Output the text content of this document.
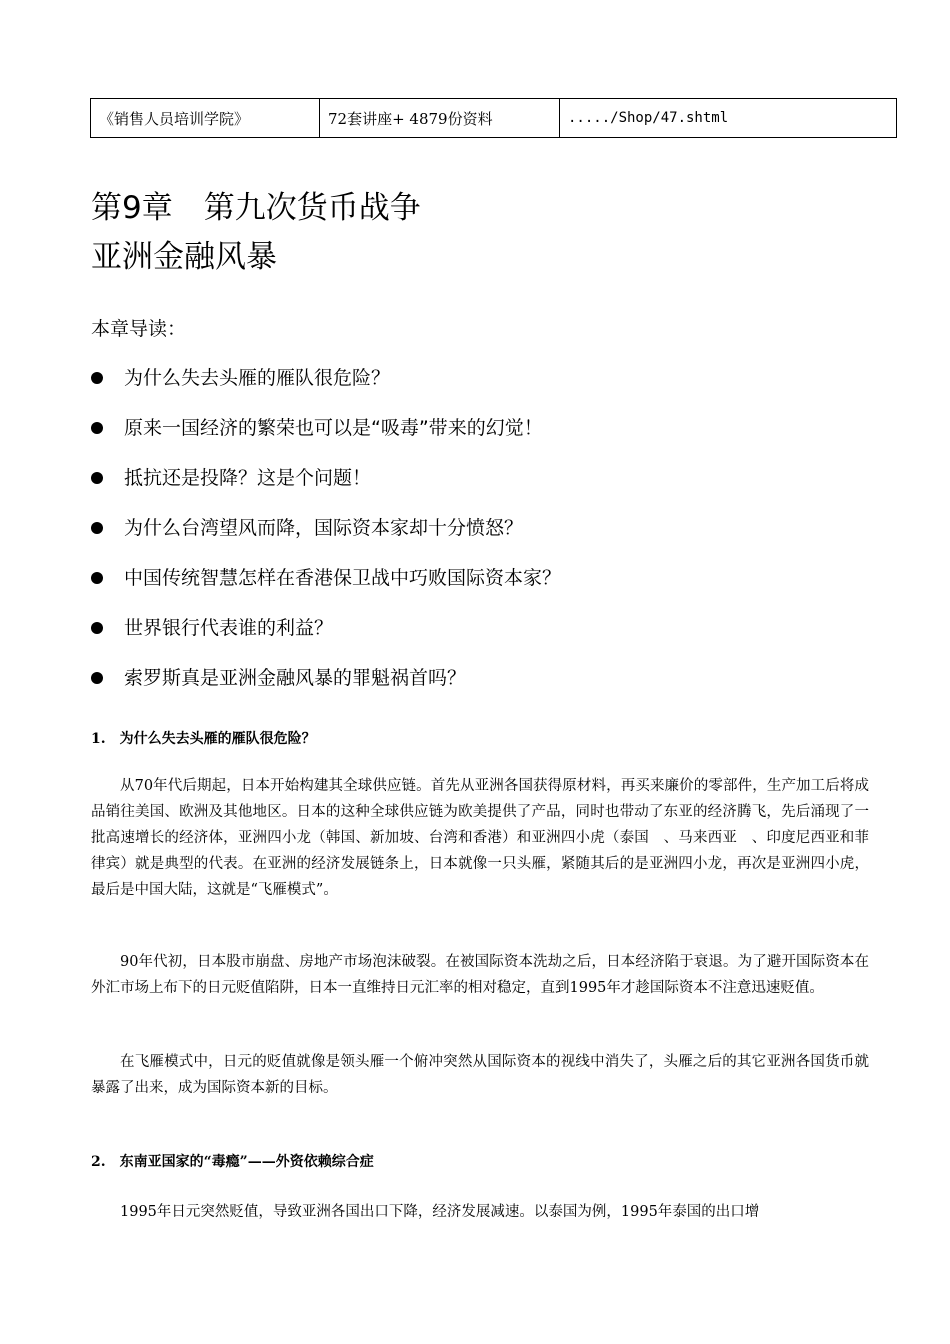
《销售人员培训学院》	72套讲座+ 4879份资料	...../Shop/47.shtml
第9章　第九次货币战争
亚洲金融风暴
本章导读：
为什么失去头雁的雁队很危险？
原来一国经济的繁荣也可以是“吸毒”带来的幻觉！
抵抗还是投降？这是个问题！
为什么台湾望风而降，国际资本家却十分愤怒？
中国传统智慧怎样在香港保卫战中巧败国际资本家？
世界银行代表谁的利益？
索罗斯真是亚洲金融风暴的罪魁祸首吗？
1.　为什么失去头雁的雁队很危险？

从70年代后期起，日本开始构建其全球供应链。首先从亚洲各国获得原材料，再买来廉价的零部件，生产加工后将成品销往美国、欧洲及其他地区。日本的这种全球供应链为欧美提供了产品，同时也带动了东亚的经济腾飞，先后涌现了一批高速增长的经济体，亚洲四小龙（韩国、新加坡、台湾和香港）和亚洲四小虎（泰国　、马来西亚　、印度尼西亚和菲律宾）就是典型的代表。在亚洲的经济发展链条上，日本就像一只头雁，紧随其后的是亚洲四小龙，再次是亚洲四小虎，最后是中国大陆，这就是“飞雁模式”。

90年代初，日本股市崩盘、房地产市场泡沫破裂。在被国际资本洗劫之后，日本经济陷于衰退。为了避开国际资本在外汇市场上布下的日元贬值陷阱，日本一直维持日元汇率的相对稳定，直到1995年才趁国际资本不注意迅速贬值。

在飞雁模式中，日元的贬值就像是领头雁一个俯冲突然从国际资本的视线中消失了，头雁之后的其它亚洲各国货币就暴露了出来，成为国际资本新的目标。

2.　东南亚国家的“毒瘾”——外资依赖综合症

1995年日元突然贬值，导致亚洲各国出口下降，经济发展减速。以泰国为例，1995年泰国的出口增
